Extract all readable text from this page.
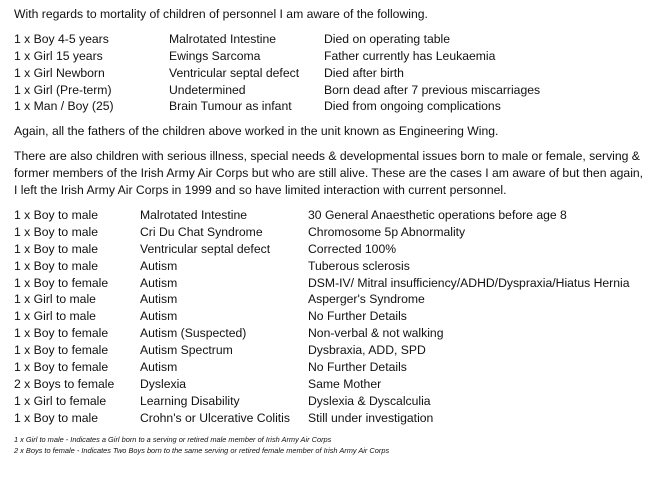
With regards to mortality of children of personnel I am aware of the following.

1 x Boy 4-5 years	Malrotated Intestine	Died on operating table
1 x Girl 15 years	Ewings Sarcoma	Father currently has Leukaemia
1 x Girl Newborn	Ventricular septal defect	Died after birth
1 x Girl (Pre-term)	Undetermined	Born dead after 7 previous miscarriages
1 x Man / Boy (25)	Brain Tumour as infant	Died from ongoing complications

Again, all the fathers of the children above worked in the unit known as Engineering Wing.

There are also children with serious illness, special needs & developmental issues born to male or female, serving &
former members of the Irish Army Air Corps but who are still alive. These are the cases I am aware of but then again,
I left the Irish Army Air Corps in 1999 and so have limited interaction with current personnel.
1 x Boy to male	Malrotated Intestine	30 General Anaesthetic operations before age 8
1 x Boy to male	Cri Du Chat Syndrome	Chromosome 5p Abnormality
1 x Boy to male	Ventricular septal defect	Corrected 100%
1 x Boy to male	Autism	Tuberous sclerosis
1 x Boy to female	Autism	DSM-IV/ Mitral insufficiency/ADHD/Dyspraxia/Hiatus Hernia
1 x Girl to male	Autism	Asperger's Syndrome
1 x Girl to male	Autism	No Further Details
1 x Boy to female	Autism (Suspected)	Non-verbal & not walking
1 x Boy to female	Autism Spectrum	Dysbraxia, ADD, SPD
1 x Boy to female	Autism	No Further Details
2 x Boys to female	Dyslexia	Same Mother
1 x Girl to female	Learning Disability	Dyslexia & Dyscalculia
1 x Boy to male	Crohn's or Ulcerative Colitis	Still under investigation
1 x Girl to male - Indicates a Girl born to a serving or retired male member of Irish Army Air Corps
2 x Boys to female - Indicates Two Boys born to the same serving or retired female member of Irish Army Air Corps
